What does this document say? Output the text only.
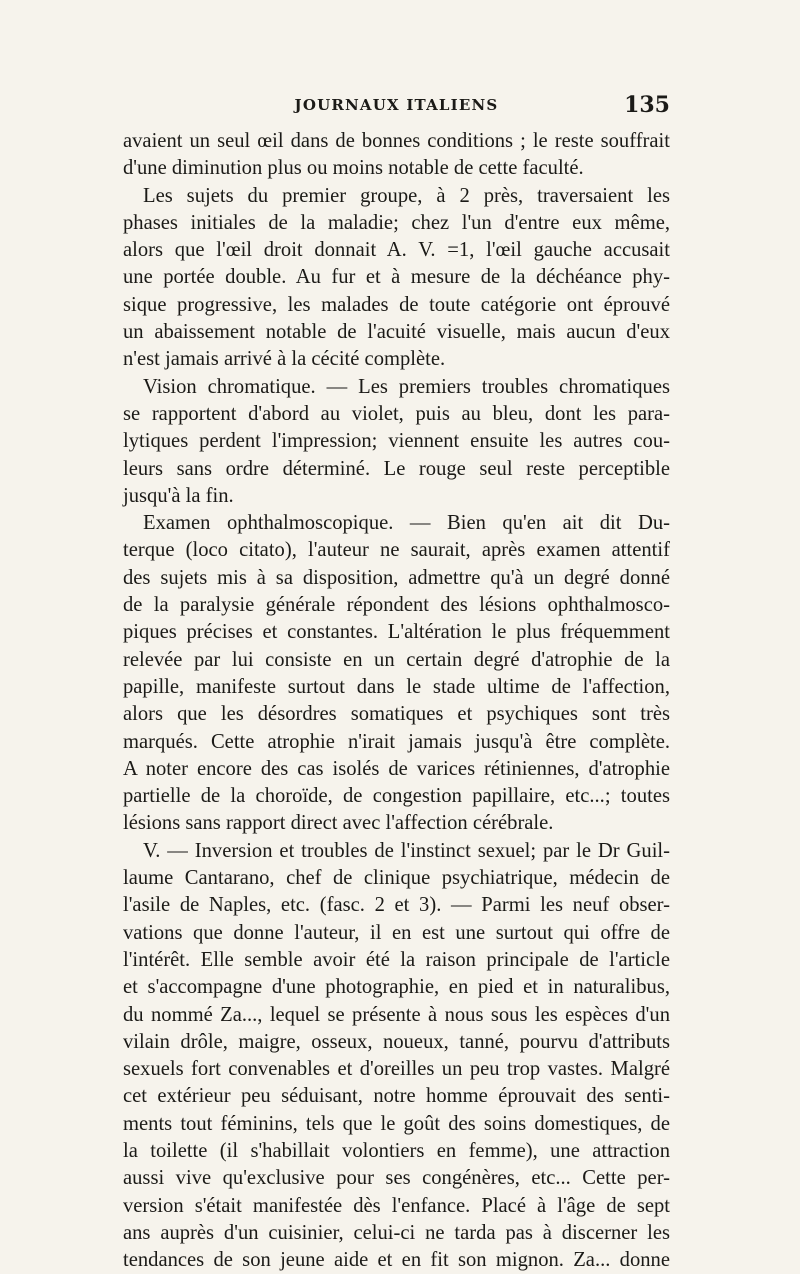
JOURNAUX ITALIENS	135
avaient un seul œil dans de bonnes conditions ; le reste souffrait
d'une diminution plus ou moins notable de cette faculté.
Les sujets du premier groupe, à 2 près, traversaient les
phases initiales de la maladie; chez l'un d'entre eux même,
alors que l'œil droit donnait A. V. =1, l'œil gauche accusait
une portée double. Au fur et à mesure de la déchéance phy-
sique progressive, les malades de toute catégorie ont éprouvé
un abaissement notable de l'acuité visuelle, mais aucun d'eux
n'est jamais arrivé à la cécité complète.
Vision chromatique. — Les premiers troubles chromatiques
se rapportent d'abord au violet, puis au bleu, dont les para-
lytiques perdent l'impression; viennent ensuite les autres cou-
leurs sans ordre déterminé. Le rouge seul reste perceptible
jusqu'à la fin.
Examen ophthalmoscopique. — Bien qu'en ait dit Du-
terque (loco citato), l'auteur ne saurait, après examen attentif
des sujets mis à sa disposition, admettre qu'à un degré donné
de la paralysie générale répondent des lésions ophthalmosco-
piques précises et constantes. L'altération le plus fréquemment
relevée par lui consiste en un certain degré d'atrophie de la
papille, manifeste surtout dans le stade ultime de l'affection,
alors que les désordres somatiques et psychiques sont très
marqués. Cette atrophie n'irait jamais jusqu'à être complète.
A noter encore des cas isolés de varices rétiniennes, d'atrophie
partielle de la choroïde, de congestion papillaire, etc...; toutes
lésions sans rapport direct avec l'affection cérébrale.
V. — Inversion et troubles de l'instinct sexuel; par le Dr Guil-
laume Cantarano, chef de clinique psychiatrique, médecin de
l'asile de Naples, etc. (fasc. 2 et 3). — Parmi les neuf obser-
vations que donne l'auteur, il en est une surtout qui offre de
l'intérêt. Elle semble avoir été la raison principale de l'article
et s'accompagne d'une photographie, en pied et in naturalibus,
du nommé Za..., lequel se présente à nous sous les espèces d'un
vilain drôle, maigre, osseux, noueux, tanné, pourvu d'attributs
sexuels fort convenables et d'oreilles un peu trop vastes. Malgré
cet extérieur peu séduisant, notre homme éprouvait des senti-
ments tout féminins, tels que le goût des soins domestiques, de
la toilette (il s'habillait volontiers en femme), une attraction
aussi vive qu'exclusive pour ses congénères, etc... Cette per-
version s'était manifestée dès l'enfance. Placé à l'âge de sept
ans auprès d'un cuisinier, celui-ci ne tarda pas à discerner les
tendances de son jeune aide et en fit son mignon. Za... donne
